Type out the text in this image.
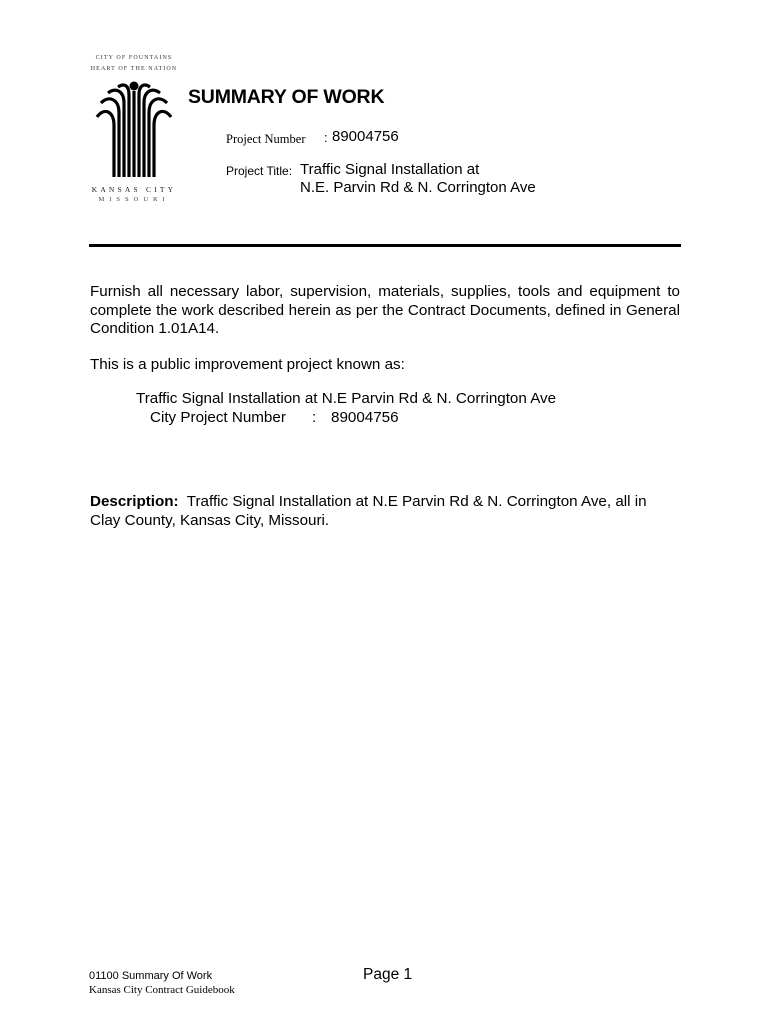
CITY OF FOUNTAINS
HEART OF THE NATION
KANSAS CITY
MISSOURI
SUMMARY OF WORK
Project Number : 89004756
Project Title: Traffic Signal Installation at
N.E. Parvin Rd & N. Corrington Ave
Furnish all necessary labor, supervision, materials, supplies, tools and equipment to complete the work described herein as per the Contract Documents, defined in General Condition 1.01A14.
This is a public improvement project known as:
Traffic Signal Installation at N.E Parvin Rd & N. Corrington Ave
City Project Number : 89004756
Description: Traffic Signal Installation at N.E Parvin Rd & N. Corrington Ave, all in Clay County, Kansas City, Missouri.
01100 Summary Of Work
Kansas City Contract Guidebook
Page 1
